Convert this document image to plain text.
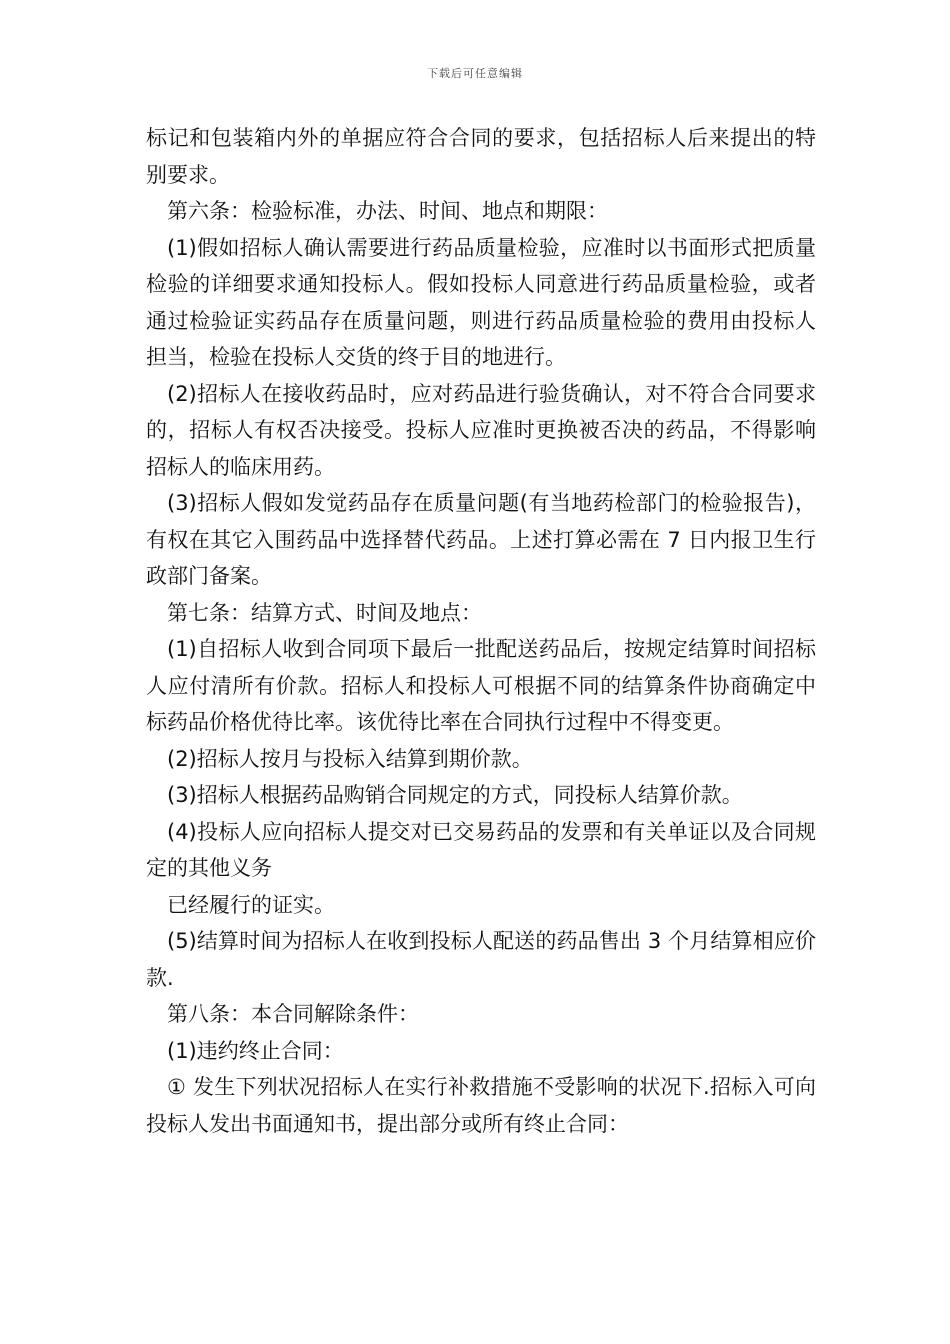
下载后可任意编辑

标记和包装箱内外的单据应符合合同的要求，包括招标人后来提出的特别要求。

第六条：检验标准，办法、时间、地点和期限：

(1)假如招标人确认需要进行药品质量检验，应准时以书面形式把质量检验的详细要求通知投标人。假如投标人同意进行药品质量检验，或者通过检验证实药品存在质量问题，则进行药品质量检验的费用由投标人担当，检验在投标人交货的终于目的地进行。

(2)招标人在接收药品时，应对药品进行验货确认，对不符合合同要求的，招标人有权否决接受。投标人应准时更换被否决的药品，不得影响招标人的临床用药。

(3)招标人假如发觉药品存在质量问题(有当地药检部门的检验报告)，有权在其它入围药品中选择替代药品。上述打算必需在 7 日内报卫生行政部门备案。

第七条：结算方式、时间及地点：

(1)自招标人收到合同项下最后一批配送药品后，按规定结算时间招标人应付清所有价款。招标人和投标人可根据不同的结算条件协商确定中标药品价格优待比率。该优待比率在合同执行过程中不得变更。

(2)招标人按月与投标入结算到期价款。

(3)招标人根据药品购销合同规定的方式，同投标人结算价款。

(4)投标人应向招标人提交对已交易药品的发票和有关单证以及合同规定的其他义务

已经履行的证实。

(5)结算时间为招标人在收到投标人配送的药品售出 3 个月结算相应价款.

第八条：本合同解除条件：

(1)违约终止合同：

① 发生下列状况招标人在实行补救措施不受影响的状况下.招标入可向投标人发出书面通知书，提出部分或所有终止合同：
